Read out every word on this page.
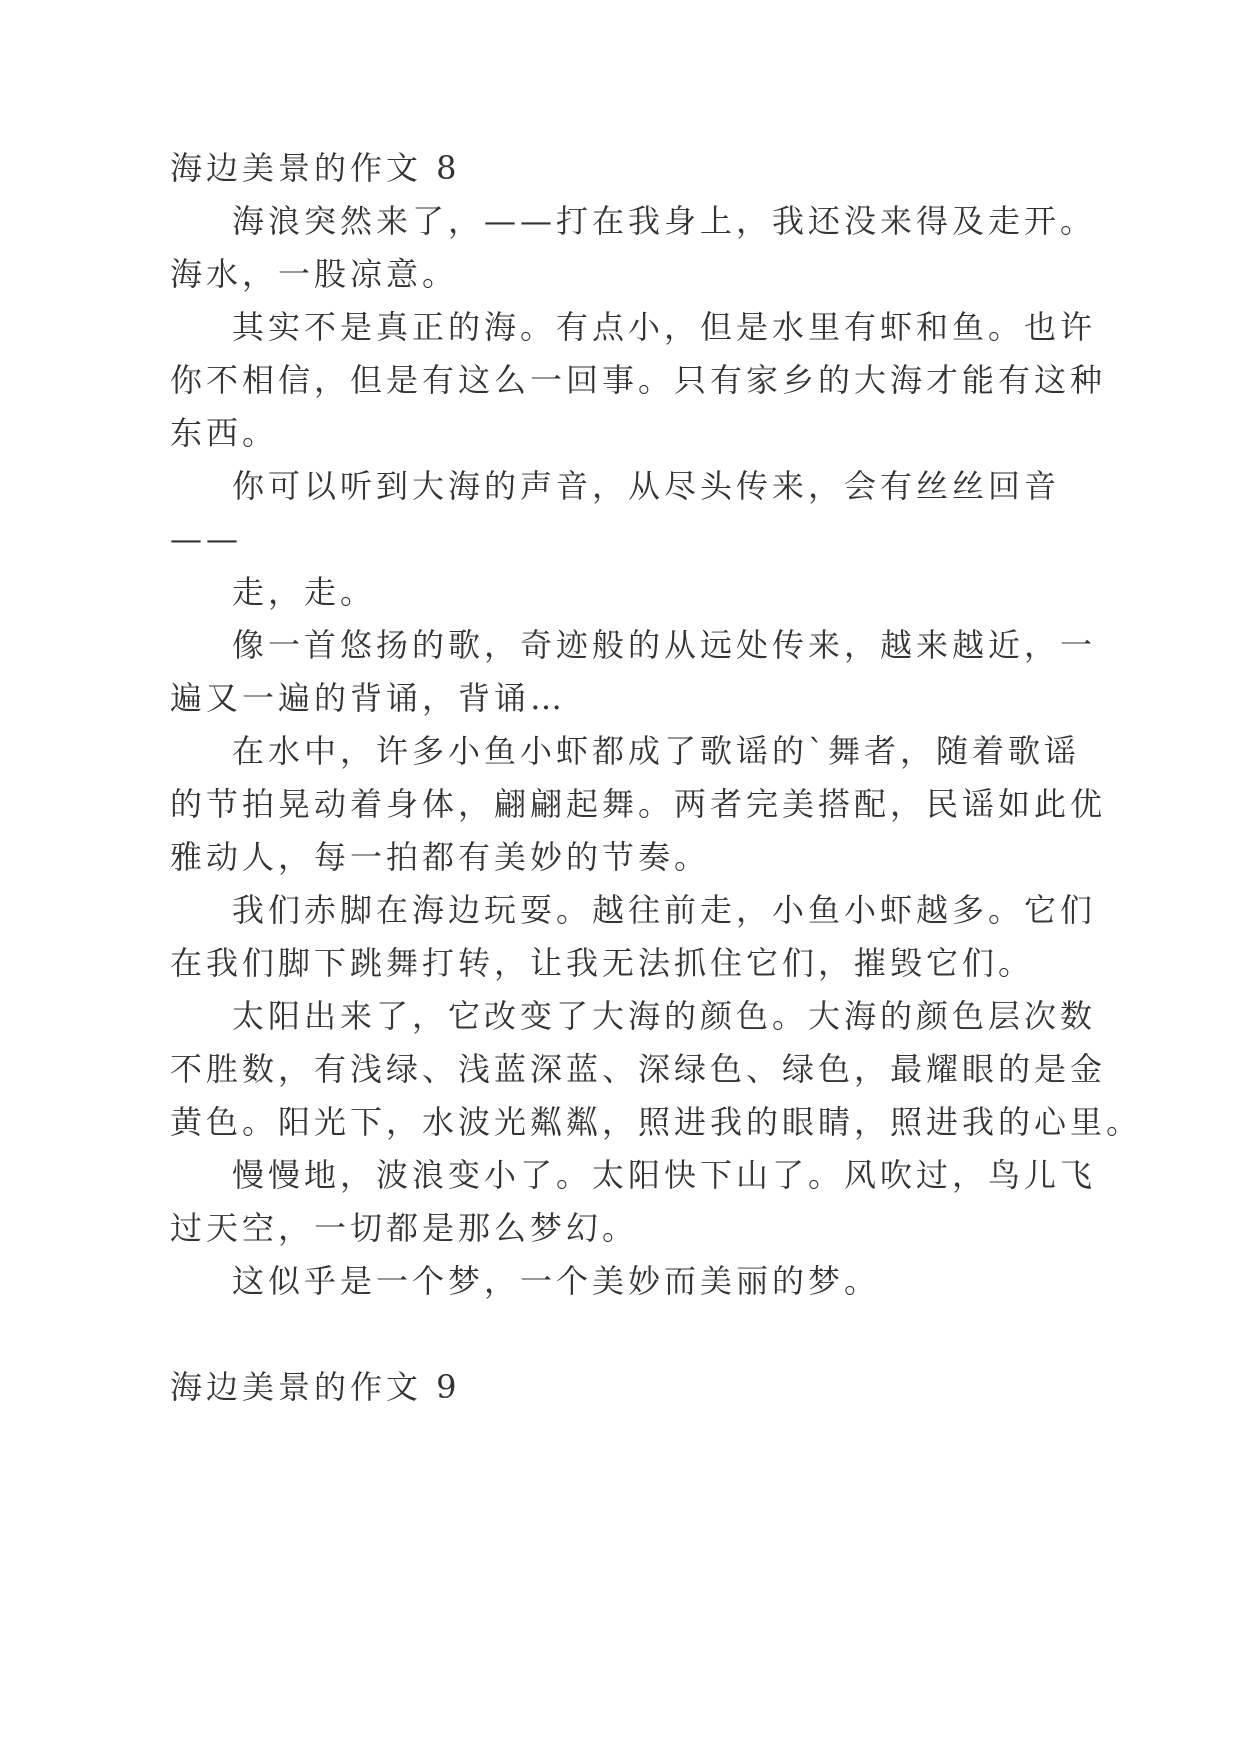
海边美景的作文 8
海浪突然来了，——打在我身上，我还没来得及走开。
海水，一股凉意。
其实不是真正的海。有点小，但是水里有虾和鱼。也许
你不相信，但是有这么一回事。只有家乡的大海才能有这种
东西。
你可以听到大海的声音，从尽头传来，会有丝丝回音
——
走，走。
像一首悠扬的歌，奇迹般的从远处传来，越来越近，一
遍又一遍的背诵，背诵…
在水中，许多小鱼小虾都成了歌谣的`舞者，随着歌谣
的节拍晃动着身体，翩翩起舞。两者完美搭配，民谣如此优
雅动人，每一拍都有美妙的节奏。
我们赤脚在海边玩耍。越往前走，小鱼小虾越多。它们
在我们脚下跳舞打转，让我无法抓住它们，摧毁它们。
太阳出来了，它改变了大海的颜色。大海的颜色层次数
不胜数，有浅绿、浅蓝深蓝、深绿色、绿色，最耀眼的是金
黄色。阳光下，水波光粼粼，照进我的眼睛，照进我的心里。
慢慢地，波浪变小了。太阳快下山了。风吹过，鸟儿飞
过天空，一切都是那么梦幻。
这似乎是一个梦，一个美妙而美丽的梦。
海边美景的作文 9
